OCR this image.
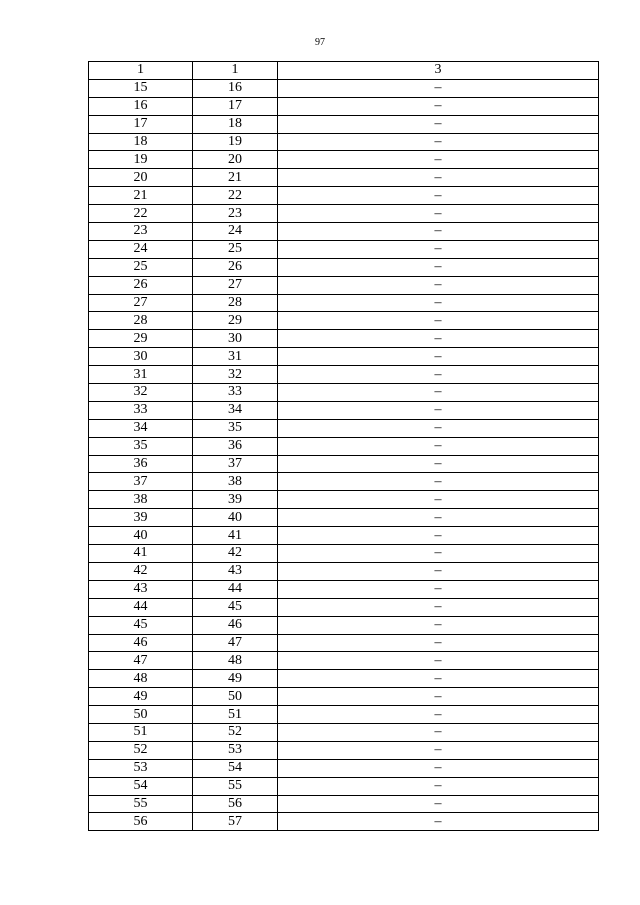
97
1	1	3
15	16	–
16	17	–
17	18	–
18	19	–
19	20	–
20	21	–
21	22	–
22	23	–
23	24	–
24	25	–
25	26	–
26	27	–
27	28	–
28	29	–
29	30	–
30	31	–
31	32	–
32	33	–
33	34	–
34	35	–
35	36	–
36	37	–
37	38	–
38	39	–
39	40	–
40	41	–
41	42	–
42	43	–
43	44	–
44	45	–
45	46	–
46	47	–
47	48	–
48	49	–
49	50	–
50	51	–
51	52	–
52	53	–
53	54	–
54	55	–
55	56	–
56	57	–
